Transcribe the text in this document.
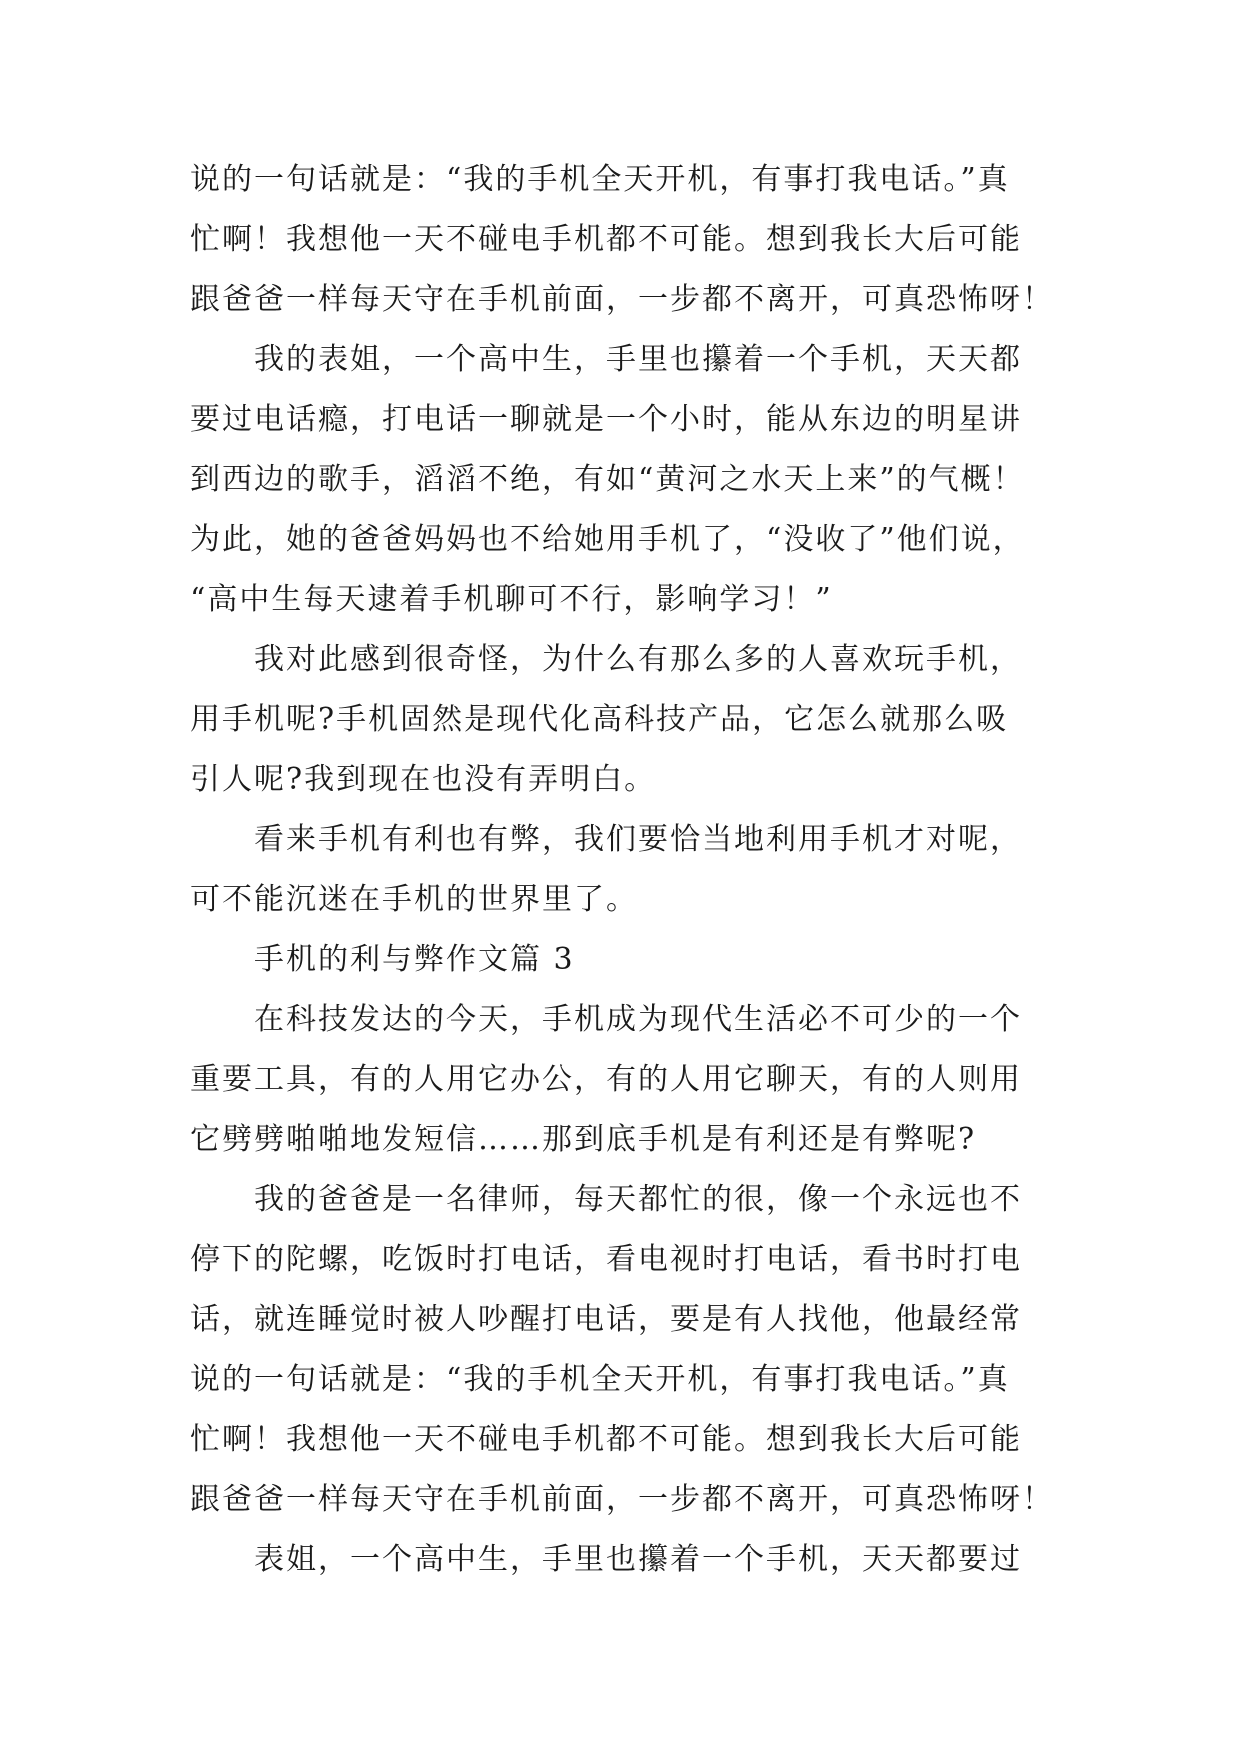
说的一句话就是：“我的手机全天开机，有事打我电话。”真
忙啊！我想他一天不碰电手机都不可能。想到我长大后可能
跟爸爸一样每天守在手机前面，一步都不离开，可真恐怖呀！
我的表姐，一个高中生，手里也攥着一个手机，天天都
要过电话瘾，打电话一聊就是一个小时，能从东边的明星讲
到西边的歌手，滔滔不绝，有如“黄河之水天上来”的气概！
为此，她的爸爸妈妈也不给她用手机了，“没收了”他们说，
“高中生每天逮着手机聊可不行，影响学习！”
我对此感到很奇怪，为什么有那么多的人喜欢玩手机，
用手机呢?手机固然是现代化高科技产品，它怎么就那么吸
引人呢?我到现在也没有弄明白。
看来手机有利也有弊，我们要恰当地利用手机才对呢，
可不能沉迷在手机的世界里了。
手机的利与弊作文篇 3
在科技发达的今天，手机成为现代生活必不可少的一个
重要工具，有的人用它办公，有的人用它聊天，有的人则用
它劈劈啪啪地发短信……那到底手机是有利还是有弊呢?
我的爸爸是一名律师，每天都忙的很，像一个永远也不
停下的陀螺，吃饭时打电话，看电视时打电话，看书时打电
话，就连睡觉时被人吵醒打电话，要是有人找他，他最经常
说的一句话就是：“我的手机全天开机，有事打我电话。”真
忙啊！我想他一天不碰电手机都不可能。想到我长大后可能
跟爸爸一样每天守在手机前面，一步都不离开，可真恐怖呀！
表姐，一个高中生，手里也攥着一个手机，天天都要过
